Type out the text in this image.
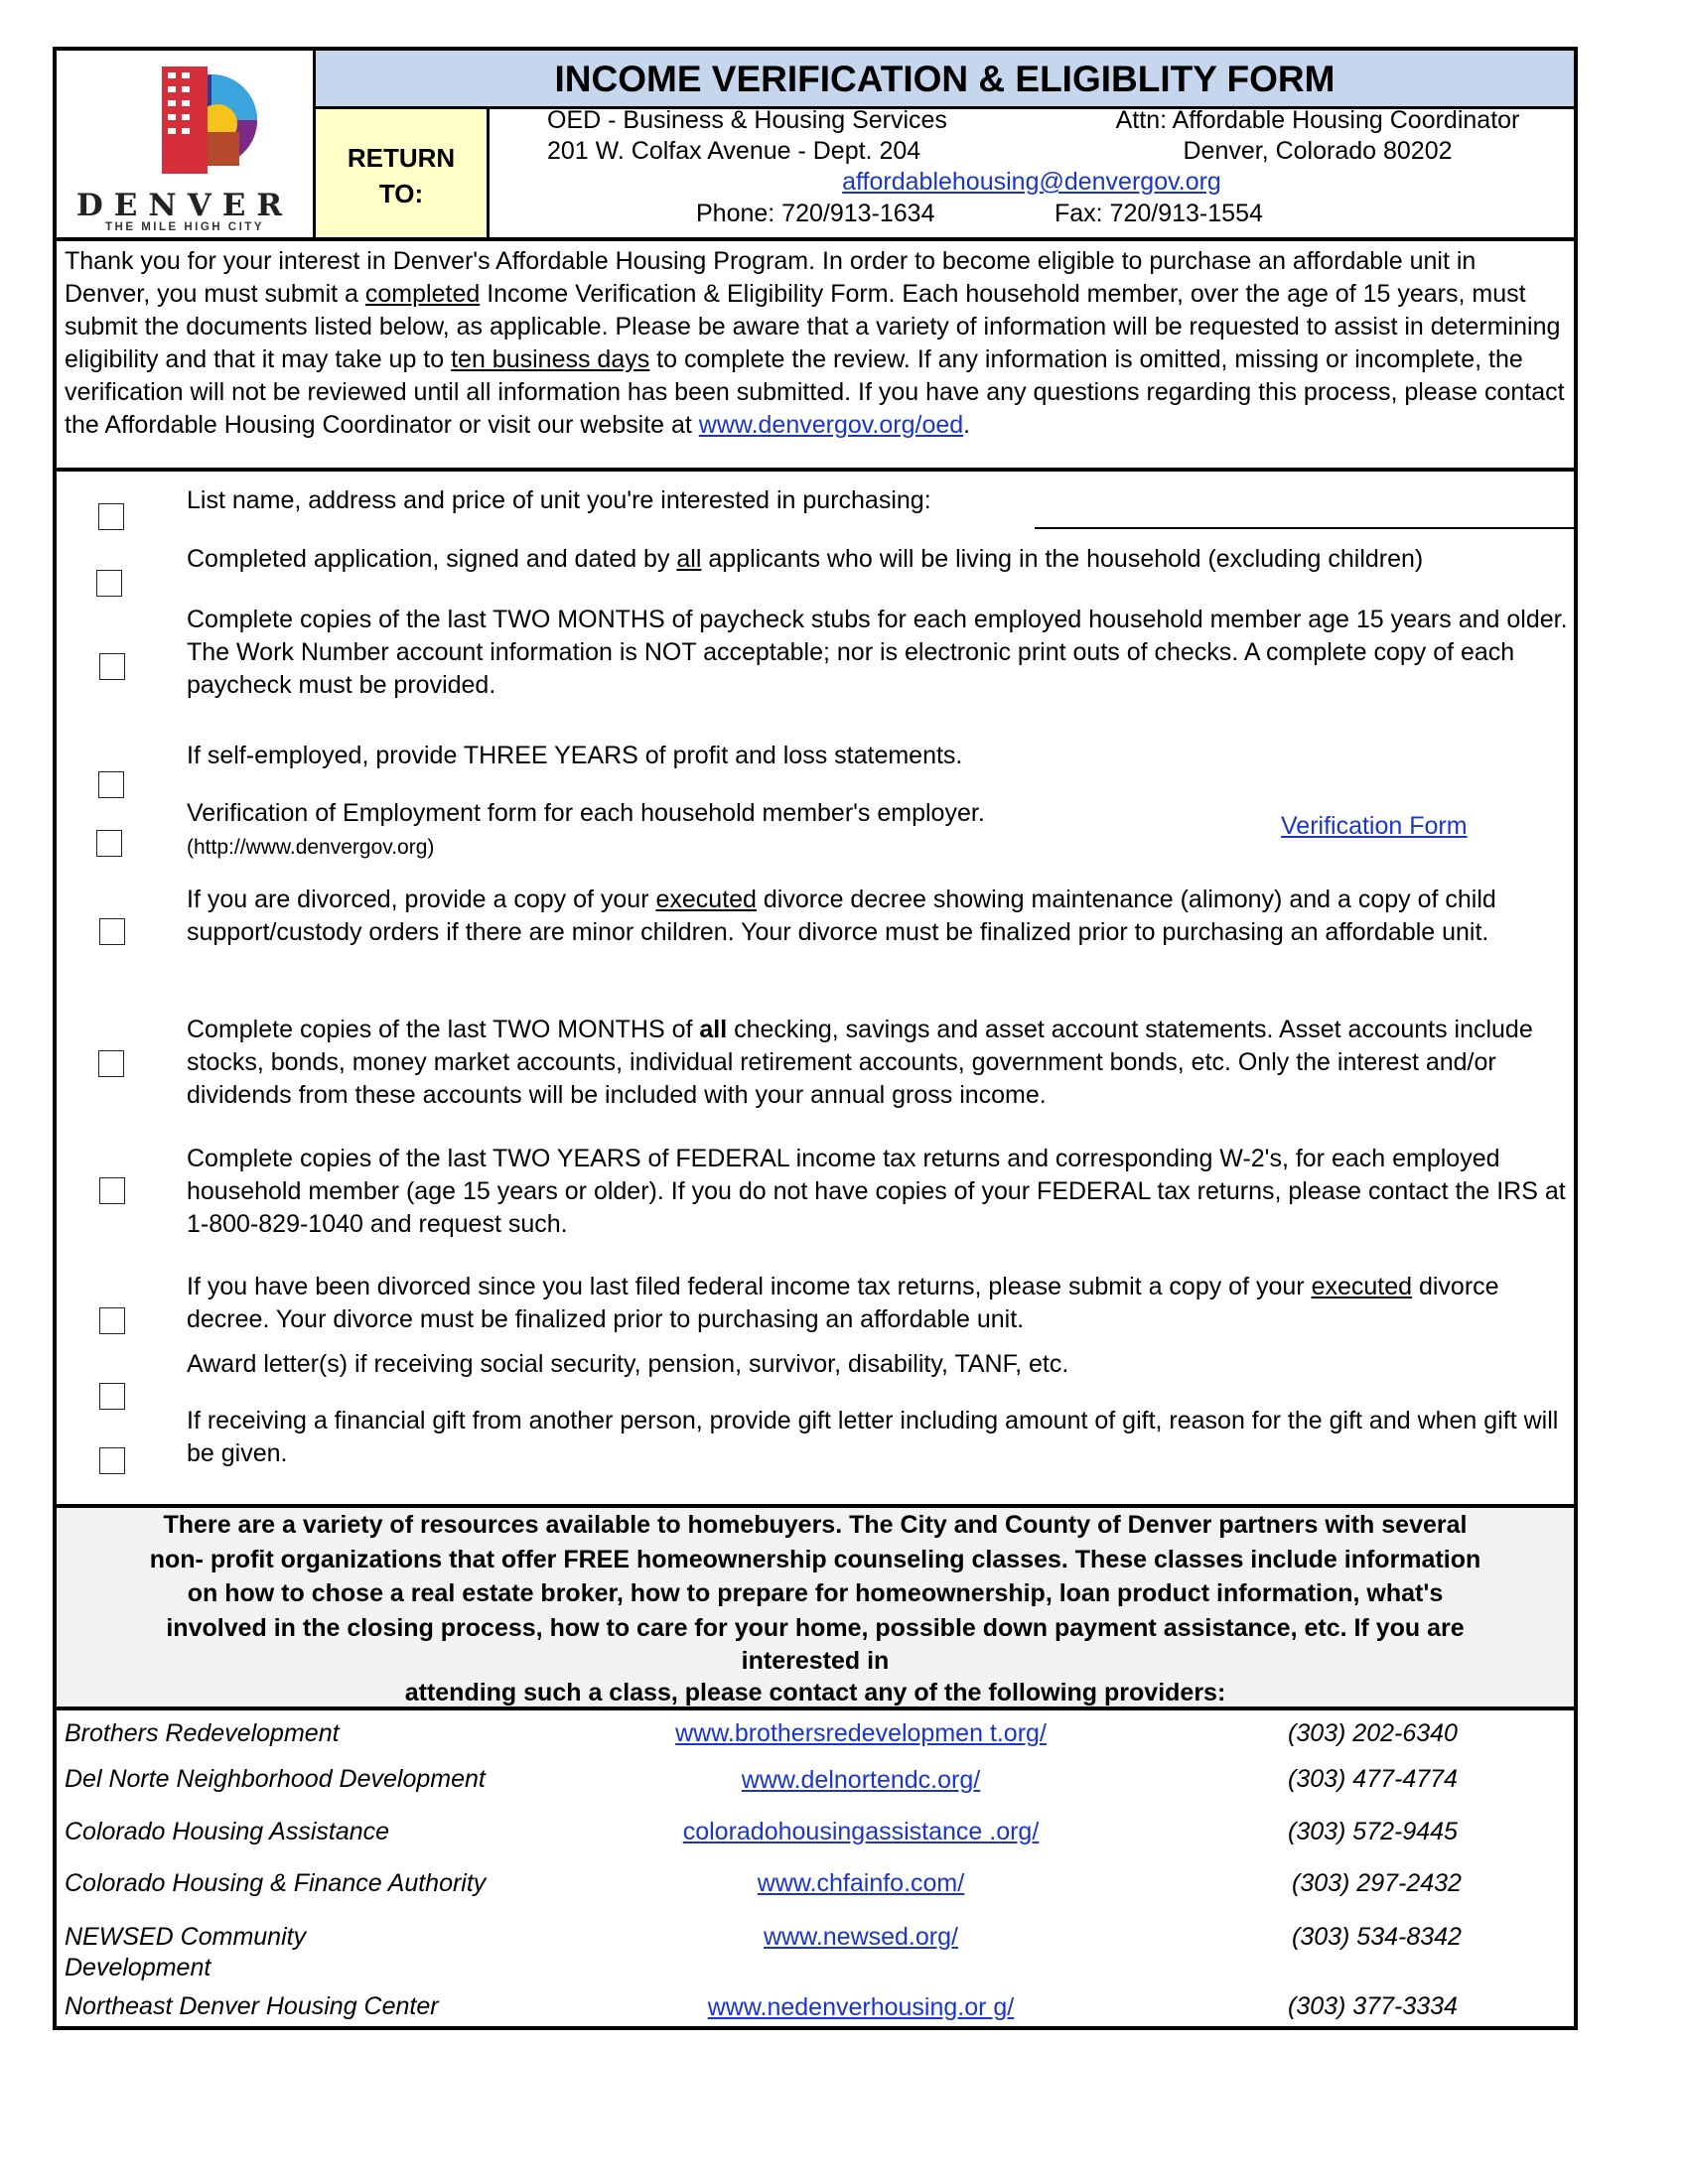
DENVER
THE MILE HIGH CITY
INCOME VERIFICATION & ELIGIBLITY FORM
RETURN
TO:
OED - Business & Housing Services
201 W. Colfax Avenue - Dept. 204
Attn: Affordable Housing Coordinator
Denver, Colorado 80202
affordablehousing@denvergov.org
Phone: 720/913-1634	Fax: 720/913-1554
Thank you for your interest in Denver's Affordable Housing Program. In order to become eligible to purchase an affordable unit in Denver, you must submit a completed Income Verification & Eligibility Form. Each household member, over the age of 15 years, must submit the documents listed below, as applicable. Please be aware that a variety of information will be requested to assist in determining eligibility and that it may take up to ten business days to complete the review. If any information is omitted, missing or incomplete, the verification will not be reviewed until all information has been submitted. If you have any questions regarding this process, please contact the Affordable Housing Coordinator or visit our website at www.denvergov.org/oed.
List name, address and price of unit you're interested in purchasing:
Completed application, signed and dated by all applicants who will be living in the household (excluding children)
Complete copies of the last TWO MONTHS of paycheck stubs for each employed household member age 15 years and older. The Work Number account information is NOT acceptable; nor is electronic print outs of checks. A complete copy of each paycheck must be provided.
If self-employed, provide THREE YEARS of profit and loss statements.
Verification of Employment form for each household member's employer.
(http://www.denvergov.org)
Verification Form
If you are divorced, provide a copy of your executed divorce decree showing maintenance (alimony) and a copy of child support/custody orders if there are minor children. Your divorce must be finalized prior to purchasing an affordable unit.
Complete copies of the last TWO MONTHS of all checking, savings and asset account statements. Asset accounts include stocks, bonds, money market accounts, individual retirement accounts, government bonds, etc. Only the interest and/or dividends from these accounts will be included with your annual gross income.
Complete copies of the last TWO YEARS of FEDERAL income tax returns and corresponding W-2's, for each employed household member (age 15 years or older). If you do not have copies of your FEDERAL tax returns, please contact the IRS at 1-800-829-1040 and request such.
If you have been divorced since you last filed federal income tax returns, please submit a copy of your executed divorce decree. Your divorce must be finalized prior to purchasing an affordable unit.
Award letter(s) if receiving social security, pension, survivor, disability, TANF, etc.
If receiving a financial gift from another person, provide gift letter including amount of gift, reason for the gift and when gift will be given.
There are a variety of resources available to homebuyers. The City and County of Denver partners with several
non- profit organizations that offer FREE homeownership counseling classes. These classes include information
on how to chose a real estate broker, how to prepare for homeownership, loan product information, what's
involved in the closing process, how to care for your home, possible down payment assistance, etc. If you are
interested in
attending such a class, please contact any of the following providers:
Brothers Redevelopment	www.brothersredevelopmen t.org/	(303) 202-6340
Del Norte Neighborhood Development	www.delnortendc.org/	(303) 477-4774
Colorado Housing Assistance	coloradohousingassistance .org/	(303) 572-9445
Colorado Housing & Finance Authority	www.chfainfo.com/	(303) 297-2432
NEWSED Community
Development
www.newsed.org/	(303) 534-8342
Northeast Denver Housing Center	www.nedenverhousing.or g/	(303) 377-3334
